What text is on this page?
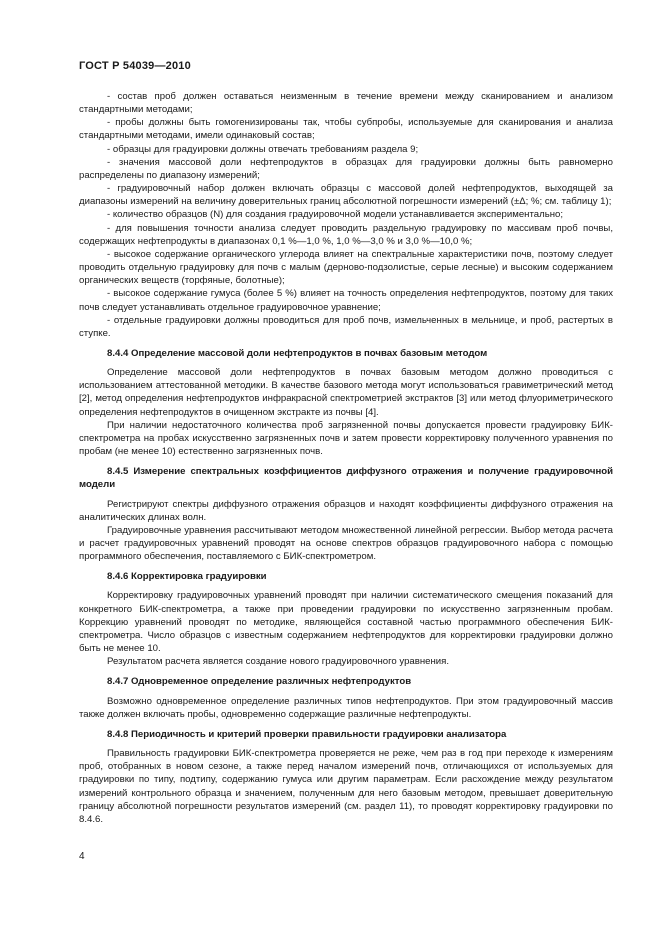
ГОСТ Р 54039—2010

- состав проб должен оставаться неизменным в течение времени между сканированием и анализом стандартными методами;

- пробы должны быть гомогенизированы так, чтобы субпробы, используемые для сканирования и анализа стандартными методами, имели одинаковый состав;

- образцы для градуировки должны отвечать требованиям раздела 9;

- значения массовой доли нефтепродуктов в образцах для градуировки должны быть равномерно распределены по диапазону измерений;

- градуировочный набор должен включать образцы с массовой долей нефтепродуктов, выходящей за диапазоны измерений на величину доверительных границ абсолютной погрешности измерений (±Δ; %; см. таблицу 1);

- количество образцов (N) для создания градуировочной модели устанавливается экспериментально;

- для повышения точности анализа следует проводить раздельную градуировку по массивам проб почвы, содержащих нефтепродукты в диапазонах 0,1 %—1,0 %, 1,0 %—3,0 % и 3,0 %—10,0 %;

- высокое содержание органического углерода влияет на спектральные характеристики почв, поэтому следует проводить отдельную градуировку для почв с малым (дерново-подзолистые, серые лесные) и высоким содержанием органических веществ (торфяные, болотные);

- высокое содержание гумуса (более 5 %) влияет на точность определения нефтепродуктов, поэтому для таких почв следует устанавливать отдельное градуировочное уравнение;

- отдельные градуировки должны проводиться для проб почв, измельченных в мельнице, и проб, растертых в ступке.

8.4.4 Определение массовой доли нефтепродуктов в почвах базовым методом

Определение массовой доли нефтепродуктов в почвах базовым методом должно проводиться с использованием аттестованной методики. В качестве базового метода могут использоваться гравиметрический метод [2], метод определения нефтепродуктов инфракрасной спектрометрией экстрактов [3] или метод флуориметрического определения нефтепродуктов в очищенном экстракте из почвы [4].

При наличии недостаточного количества проб загрязненной почвы допускается провести градуировку БИК-спектрометра на пробах искусственно загрязненных почв и затем провести корректировку полученного уравнения по пробам (не менее 10) естественно загрязненных почв.

8.4.5 Измерение спектральных коэффициентов диффузного отражения и получение градуировочной модели

Регистрируют спектры диффузного отражения образцов и находят коэффициенты диффузного отражения на аналитических длинах волн.

Градуировочные уравнения рассчитывают методом множественной линейной регрессии. Выбор метода расчета и расчет градуировочных уравнений проводят на основе спектров образцов градуировочного набора с помощью программного обеспечения, поставляемого с БИК-спектрометром.

8.4.6 Корректировка градуировки

Корректировку градуировочных уравнений проводят при наличии систематического смещения показаний для конкретного БИК-спектрометра, а также при проведении градуировки по искусственно загрязненным пробам. Коррекцию уравнений проводят по методике, являющейся составной частью программного обеспечения БИК-спектрометра. Число образцов с известным содержанием нефтепродуктов для корректировки градуировки должно быть не менее 10.

Результатом расчета является создание нового градуировочного уравнения.

8.4.7 Одновременное определение различных нефтепродуктов

Возможно одновременное определение различных типов нефтепродуктов. При этом градуировочный массив также должен включать пробы, одновременно содержащие различные нефтепродукты.

8.4.8 Периодичность и критерий проверки правильности градуировки анализатора

Правильность градуировки БИК-спектрометра проверяется не реже, чем раз в год при переходе к измерениям проб, отобранных в новом сезоне, а также перед началом измерений почв, отличающихся от используемых для градуировки по типу, подтипу, содержанию гумуса или другим параметрам. Если расхождение между результатом измерений контрольного образца и значением, полученным для него базовым методом, превышает доверительную границу абсолютной погрешности результатов измерений (см. раздел 11), то проводят корректировку градуировки по 8.4.6.

4
